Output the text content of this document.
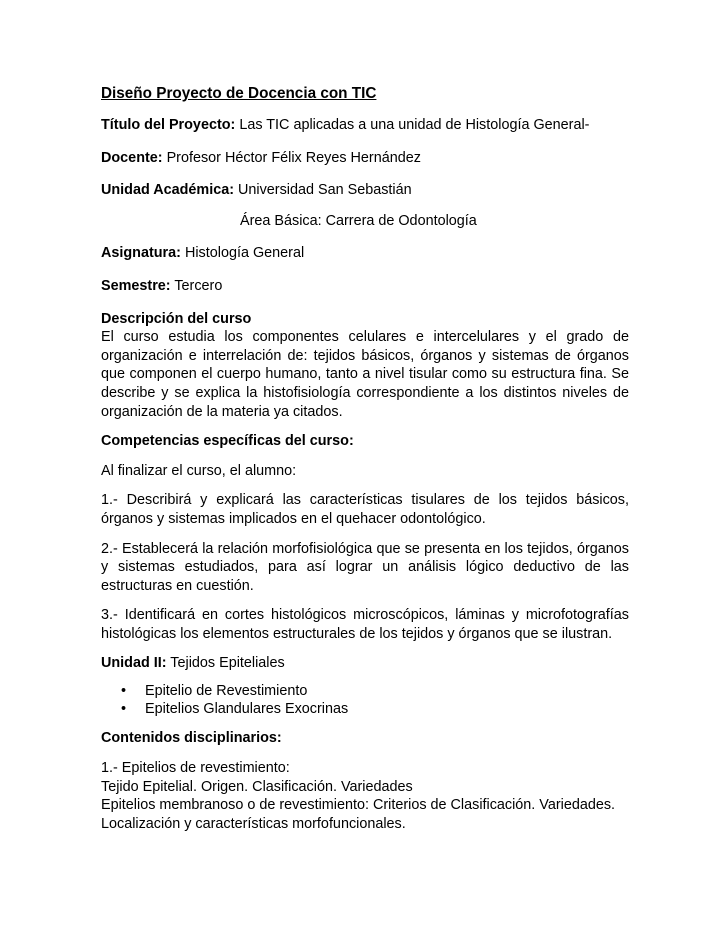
Diseño Proyecto de Docencia con TIC
Título del Proyecto: Las TIC aplicadas a una unidad de Histología General-
Docente: Profesor Héctor Félix Reyes Hernández
Unidad Académica: Universidad San Sebastián
Área Básica: Carrera de Odontología
Asignatura: Histología General
Semestre: Tercero
Descripción del curso
El curso estudia los componentes celulares e intercelulares y el grado de organización e interrelación de: tejidos básicos, órganos y sistemas de órganos que componen el cuerpo humano, tanto a nivel tisular como su estructura fina. Se describe y se explica la histofisiología correspondiente a los distintos niveles de organización de la materia ya citados.
Competencias específicas del curso:
Al finalizar el curso, el alumno:
1.- Describirá y explicará las características tisulares de los tejidos básicos, órganos y sistemas implicados en el quehacer odontológico.
2.- Establecerá la relación morfofisiológica que se presenta en los tejidos, órganos y sistemas estudiados, para así lograr un análisis lógico deductivo de las estructuras en cuestión.
3.- Identificará en cortes histológicos microscópicos, láminas y microfotografías histológicas los elementos estructurales de los tejidos y órganos que se ilustran.
Unidad II: Tejidos Epiteliales
• Epitelio de Revestimiento
• Epitelios Glandulares Exocrinas
Contenidos disciplinarios:
1.- Epitelios de revestimiento:
Tejido Epitelial. Origen. Clasificación. Variedades
Epitelios membranoso o de revestimiento: Criterios de Clasificación. Variedades.
Localización y características morfofuncionales.
